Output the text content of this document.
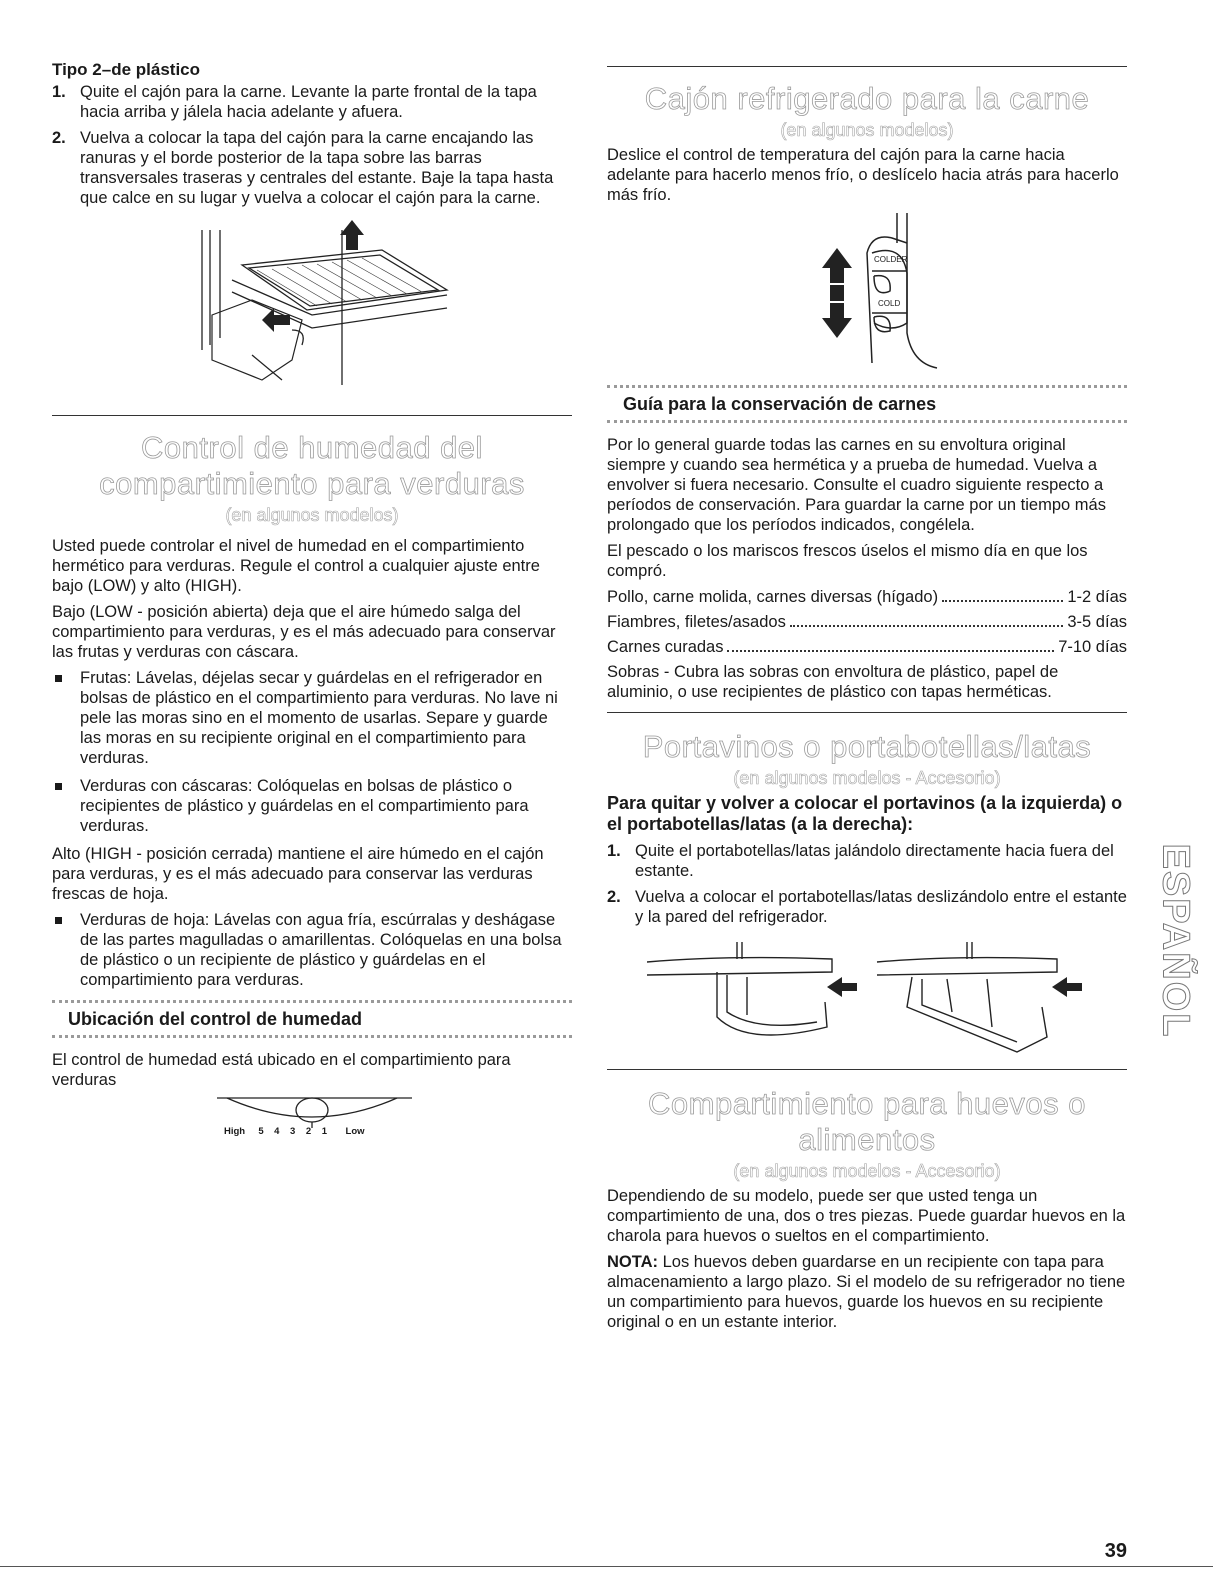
Tipo 2–de plástico
1. Quite el cajón para la carne. Levante la parte frontal de la tapa hacia arriba y jálela hacia adelante y afuera.
2. Vuelva a colocar la tapa del cajón para la carne encajando las ranuras y el borde posterior de la tapa sobre las barras transversales traseras y centrales del estante. Baje la tapa hasta que calce en su lugar y vuelva a colocar el cajón para la carne.
Control de humedad del compartimiento para verduras
(en algunos modelos)

Usted puede controlar el nivel de humedad en el compartimiento hermético para verduras. Regule el control a cualquier ajuste entre bajo (LOW) y alto (HIGH).

Bajo (LOW - posición abierta) deja que el aire húmedo salga del compartimiento para verduras, y es el más adecuado para conservar las frutas y verduras con cáscara.

Frutas: Lávelas, déjelas secar y guárdelas en el refrigerador en bolsas de plástico en el compartimiento para verduras. No lave ni pele las moras sino en el momento de usarlas. Separe y guarde las moras en su recipiente original en el compartimiento para verduras.
Verduras con cáscaras: Colóquelas en bolsas de plástico o recipientes de plástico y guárdelas en el compartimiento para verduras.

Alto (HIGH - posición cerrada) mantiene el aire húmedo en el cajón para verduras, y es el más adecuado para conservar las verduras frescas de hoja.

Verduras de hoja: Lávelas con agua fría, escúrralas y deshágase de las partes magulladas o amarillentas. Colóquelas en una bolsa de plástico o un recipiente de plástico y guárdelas en el compartimiento para verduras.
Ubicación del control de humedad

El control de humedad está ubicado en el compartimiento para verduras

High 5 4 3 2 1 Low
Cajón refrigerado para la carne
(en algunos modelos)

Deslice el control de temperatura del cajón para la carne hacia adelante para hacerlo menos frío, o deslícelo hacia atrás para hacerlo más frío.

COLDER
COLD
Guía para la conservación de carnes

Por lo general guarde todas las carnes en su envoltura original siempre y cuando sea hermética y a prueba de humedad. Vuelva a envolver si fuera necesario. Consulte el cuadro siguiente respecto a períodos de conservación. Para guardar la carne por un tiempo más prolongado que los períodos indicados, congélela.

El pescado o los mariscos frescos úselos el mismo día en que los compró.

Pollo, carne molida, carnes diversas (hígado)	1-2 días
Fiambres, filetes/asados	3-5 días
Carnes curadas	7-10 días

Sobras - Cubra las sobras con envoltura de plástico, papel de aluminio, o use recipientes de plástico con tapas herméticas.

Portavinos o portabotellas/latas
(en algunos modelos - Accesorio)
Para quitar y volver a colocar el portavinos (a la izquierda) o el portabotellas/latas (a la derecha):
1. Quite el portabotellas/latas jalándolo directamente hacia fuera del estante.
2. Vuelva a colocar el portabotellas/latas deslizándolo entre el estante y la pared del refrigerador.
Compartimiento para huevos o alimentos
(en algunos modelos - Accesorio)

Dependiendo de su modelo, puede ser que usted tenga un compartimiento de una, dos o tres piezas. Puede guardar huevos en la charola para huevos o sueltos en el compartimiento.

NOTA: Los huevos deben guardarse en un recipiente con tapa para almacenamiento a largo plazo. Si el modelo de su refrigerador no tiene un compartimiento para huevos, guarde los huevos en su recipiente original o en un estante interior.

ESPAÑOL
39
